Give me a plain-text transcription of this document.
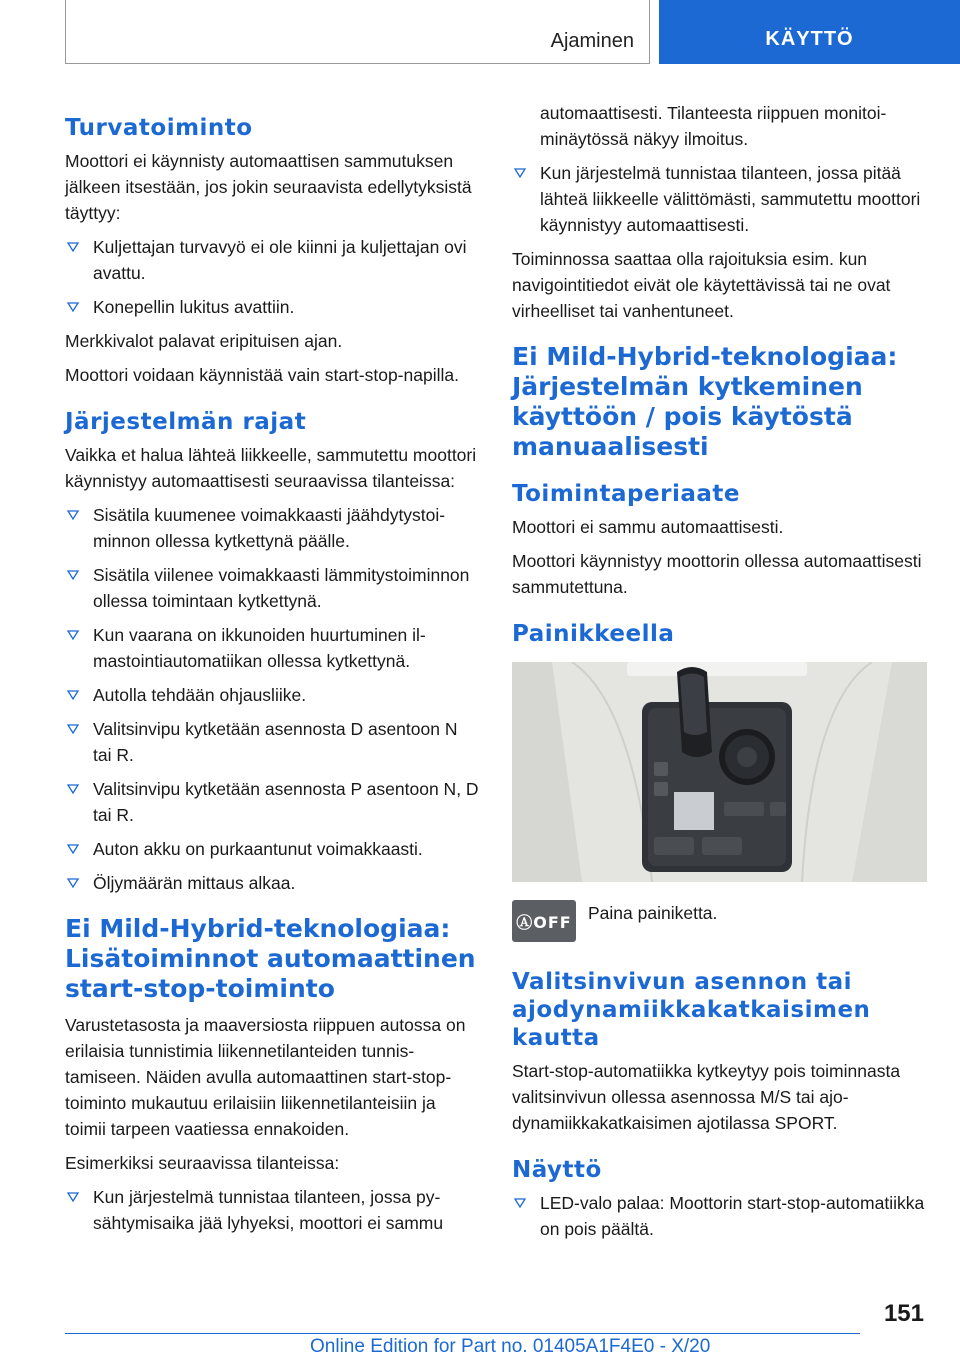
Ajaminen	KÄYTTÖ
Turvatoiminto

Moottori ei käynnisty automaattisen sammutuksen jälkeen itsestään, jos jokin seuraavista edellytyksistä täyttyy:

Kuljettajan turvavyö ei ole kiinni ja kuljettajan ovi avattu.
Konepellin lukitus avattiin.

Merkkivalot palavat eripituisen ajan.

Moottori voidaan käynnistää vain start-stop-napilla.

Järjestelmän rajat

Vaikka et halua lähteä liikkeelle, sammutettu moottori käynnistyy automaattisesti seuraavissa tilanteissa:

Sisätila kuumenee voimakkaasti jäähdytystoiminnon ollessa kytkettynä päälle.
Sisätila viilenee voimakkaasti lämmitystoiminnon ollessa toimintaan kytkettynä.
Kun vaarana on ikkunoiden huurtuminen ilmastointiautomatiikan ollessa kytkettynä.
Autolla tehdään ohjausliike.
Valitsinvipu kytketään asennosta D asentoon N tai R.
Valitsinvipu kytketään asennosta P asentoon N, D tai R.
Auton akku on purkaantunut voimakkaasti.
Öljymäärän mittaus alkaa.
Ei Mild-Hybrid-teknologiaa: Lisätoiminnot automaattinen start-stop-toiminto

Varustetasosta ja maaversiosta riippuen autossa on erilaisia tunnistimia liikennetilanteiden tunnistamiseen. Näiden avulla automaattinen start-stop-toiminto mukautuu erilaisiin liikennetilanteisiin ja toimii tarpeen vaatiessa ennakoiden.

Esimerkiksi seuraavissa tilanteissa:

Kun järjestelmä tunnistaa tilanteen, jossa pysähtymisaika jää lyhyeksi, moottori ei sammu

automaattisesti. Tilanteesta riippuen monitoiminäytössä näkyy ilmoitus.

Kun järjestelmä tunnistaa tilanteen, jossa pitää lähteä liikkeelle välittömästi, sammutettu moottori käynnistyy automaattisesti.

Toiminnossa saattaa olla rajoituksia esim. kun navigointitiedot eivät ole käytettävissä tai ne ovat virheelliset tai vanhentuneet.

Ei Mild-Hybrid-teknologiaa: Järjestelmän kytkeminen käyttöön / pois käytöstä manuaalisesti
Toimintaperiaate

Moottori ei sammu automaattisesti.

Moottori käynnistyy moottorin ollessa automaattisesti sammutettuna.

Painikkeella
ⒶOFF Paina painiketta.
Valitsinvivun asennon tai ajodynamiikkakatkaisimen kautta

Start-stop-automatiikka kytkeytyy pois toiminnasta valitsinvivun ollessa asennossa M/S tai ajodynamiikkakatkaisimen ajotilassa SPORT.

Näyttö
LED-valo palaa: Moottorin start-stop-automatiikka on pois päältä.
151
Online Edition for Part no. 01405A1F4E0 - X/20
